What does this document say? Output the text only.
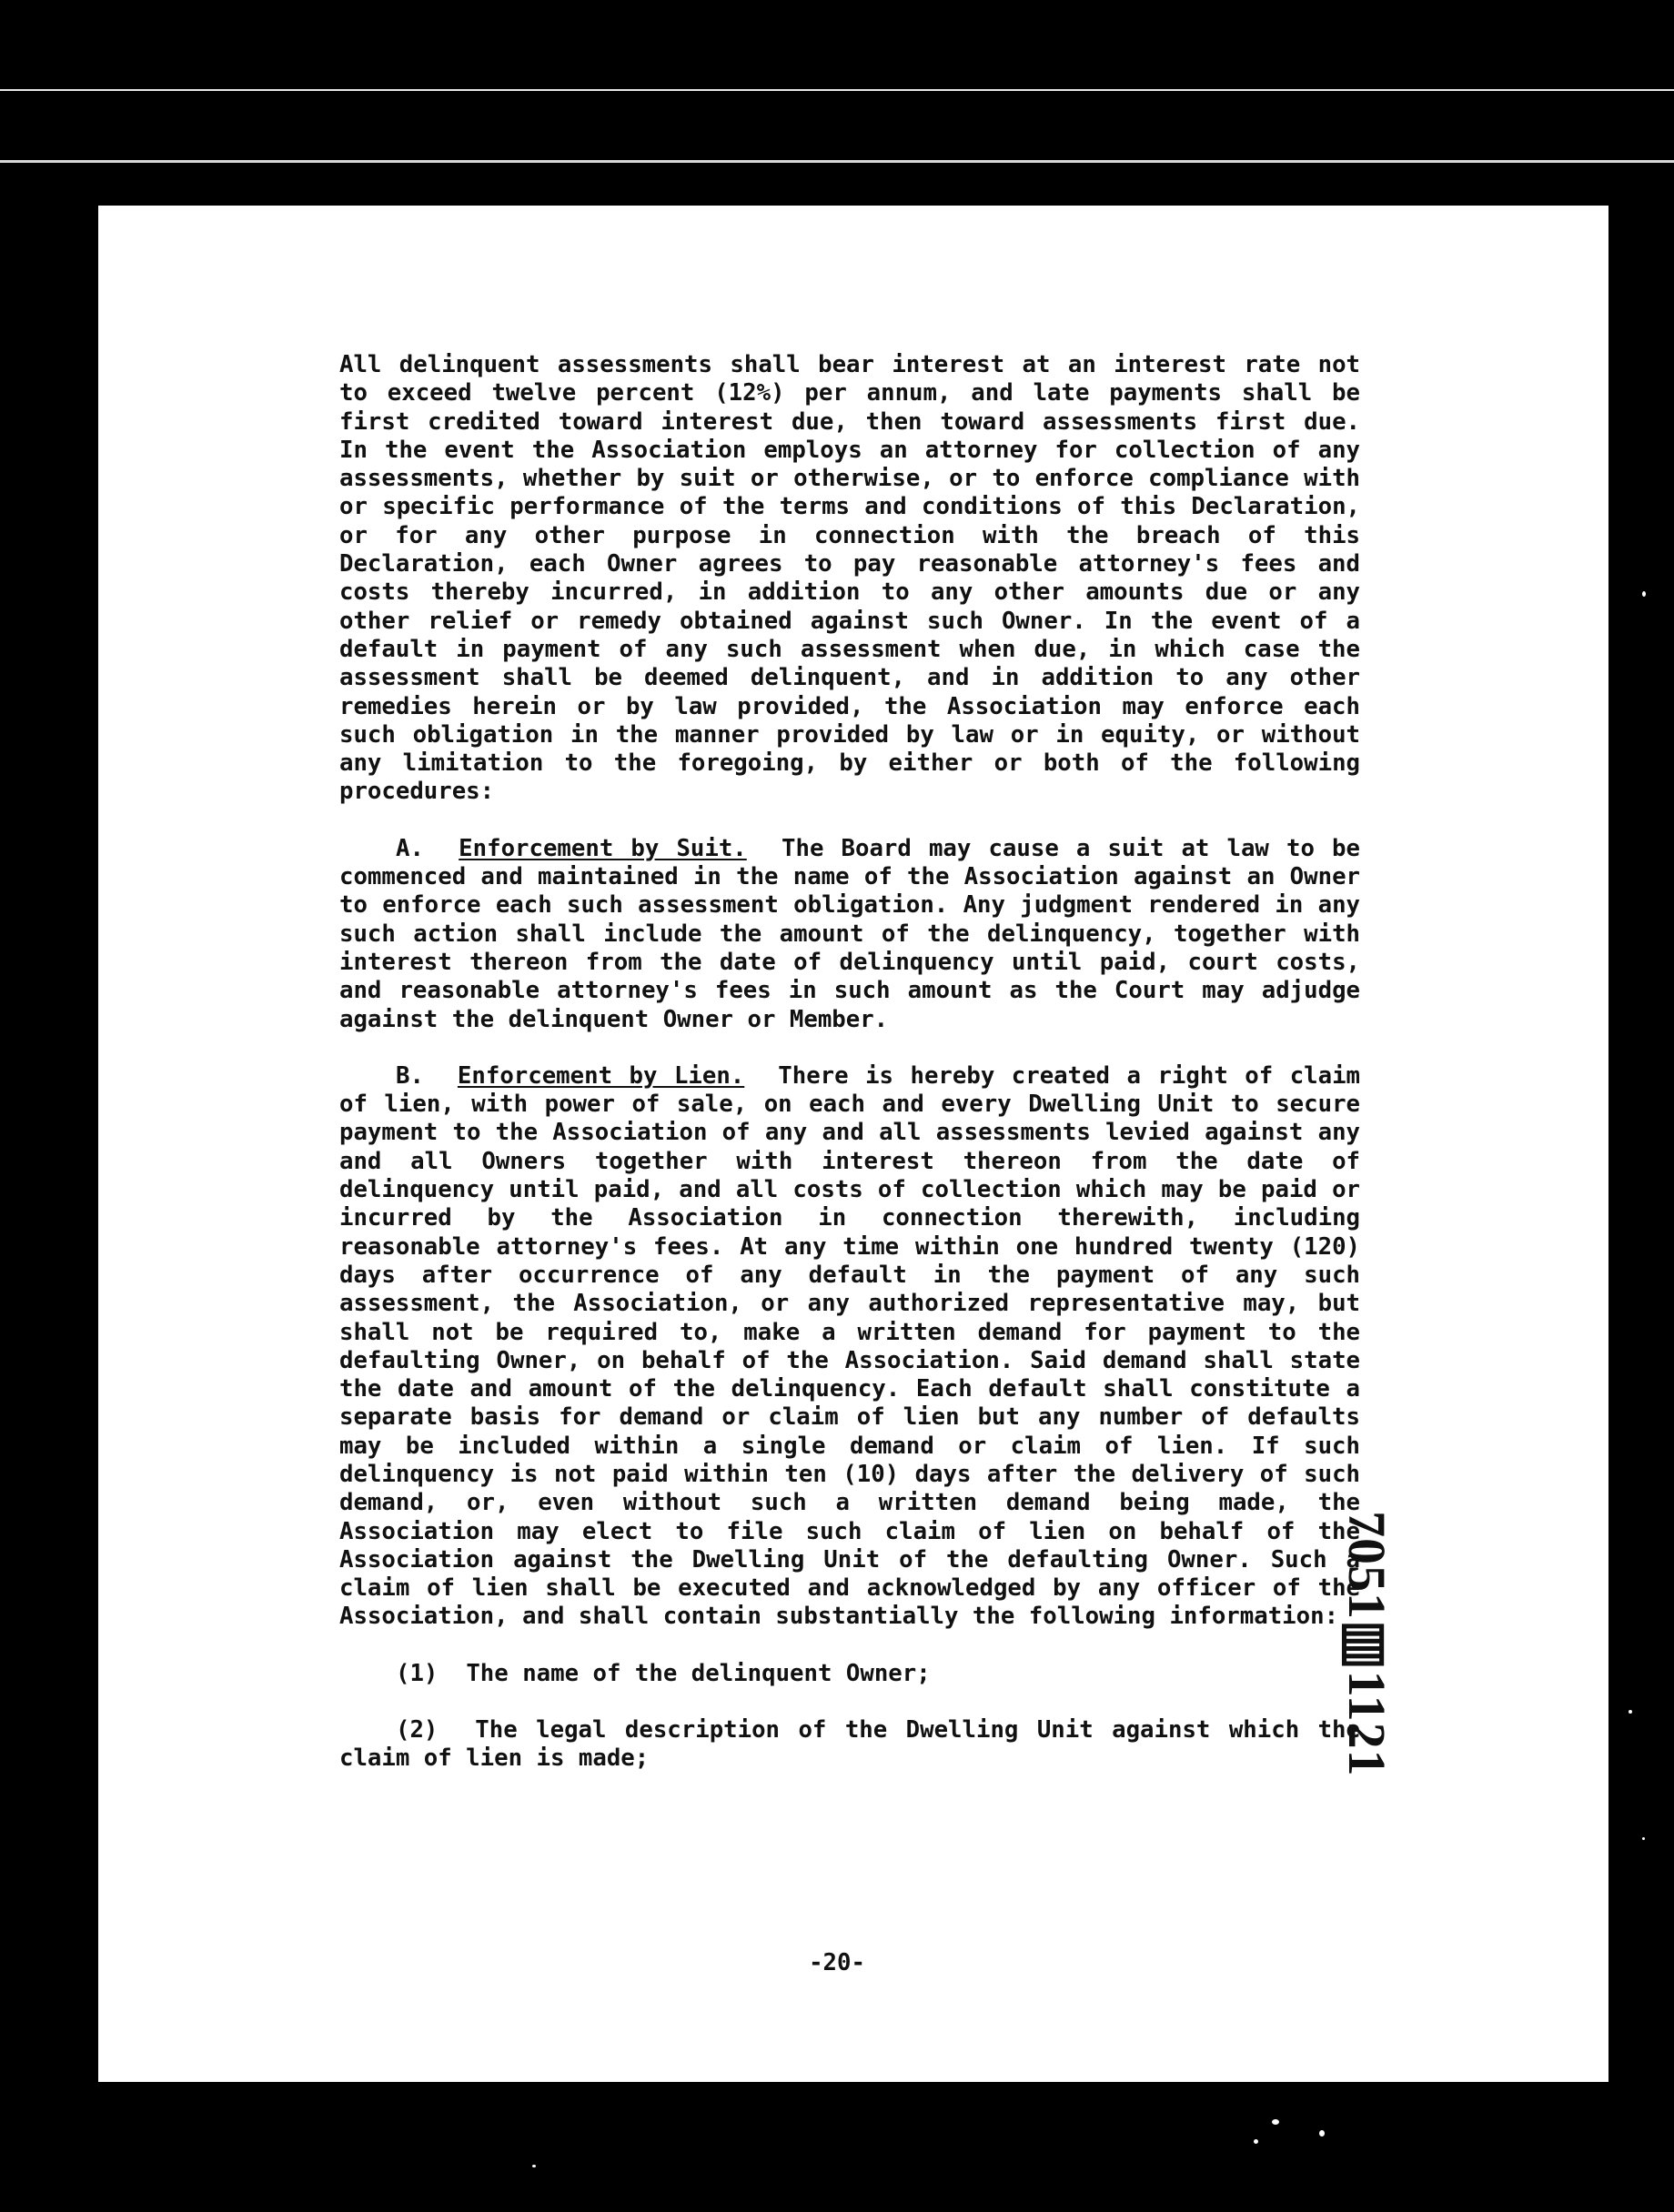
All delinquent assessments shall bear interest at an interest rate not to exceed twelve percent (12%) per annum, and late payments shall be first credited toward interest due, then toward assessments first due. In the event the Association employs an attorney for collection of any assessments, whether by suit or otherwise, or to enforce compliance with or specific performance of the terms and conditions of this Declaration, or for any other purpose in connection with the breach of this Declaration, each Owner agrees to pay reasonable attorney's fees and costs thereby incurred, in addition to any other amounts due or any other relief or remedy obtained against such Owner. In the event of a default in payment of any such assessment when due, in which case the assessment shall be deemed delinquent, and in addition to any other remedies herein or by law provided, the Association may enforce each such obligation in the manner provided by law or in equity, or without any limitation to the foregoing, by either or both of the following procedures:

A. Enforcement by Suit. The Board may cause a suit at law to be commenced and maintained in the name of the Association against an Owner to enforce each such assessment obligation. Any judgment rendered in any such action shall include the amount of the delinquency, together with interest thereon from the date of delinquency until paid, court costs, and reasonable attorney's fees in such amount as the Court may adjudge against the delinquent Owner or Member.

B. Enforcement by Lien. There is hereby created a right of claim of lien, with power of sale, on each and every Dwelling Unit to secure payment to the Association of any and all assessments levied against any and all Owners together with interest thereon from the date of delinquency until paid, and all costs of collection which may be paid or incurred by the Association in connection therewith, including reasonable attorney's fees. At any time within one hundred twenty (120) days after occurrence of any default in the payment of any such assessment, the Association, or any authorized representative may, but shall not be required to, make a written demand for payment to the defaulting Owner, on behalf of the Association. Said demand shall state the date and amount of the delinquency. Each default shall constitute a separate basis for demand or claim of lien but any number of defaults may be included within a single demand or claim of lien. If such delinquency is not paid within ten (10) days after the delivery of such demand, or, even without such a written demand being made, the Association may elect to file such claim of lien on behalf of the Association against the Dwelling Unit of the defaulting Owner. Such a claim of lien shall be executed and acknowledged by any officer of the Association, and shall contain substantially the following information:

(1) The name of the delinquent Owner;

(2) The legal description of the Dwelling Unit against which the claim of lien is made;

-20-
7051▥1121
